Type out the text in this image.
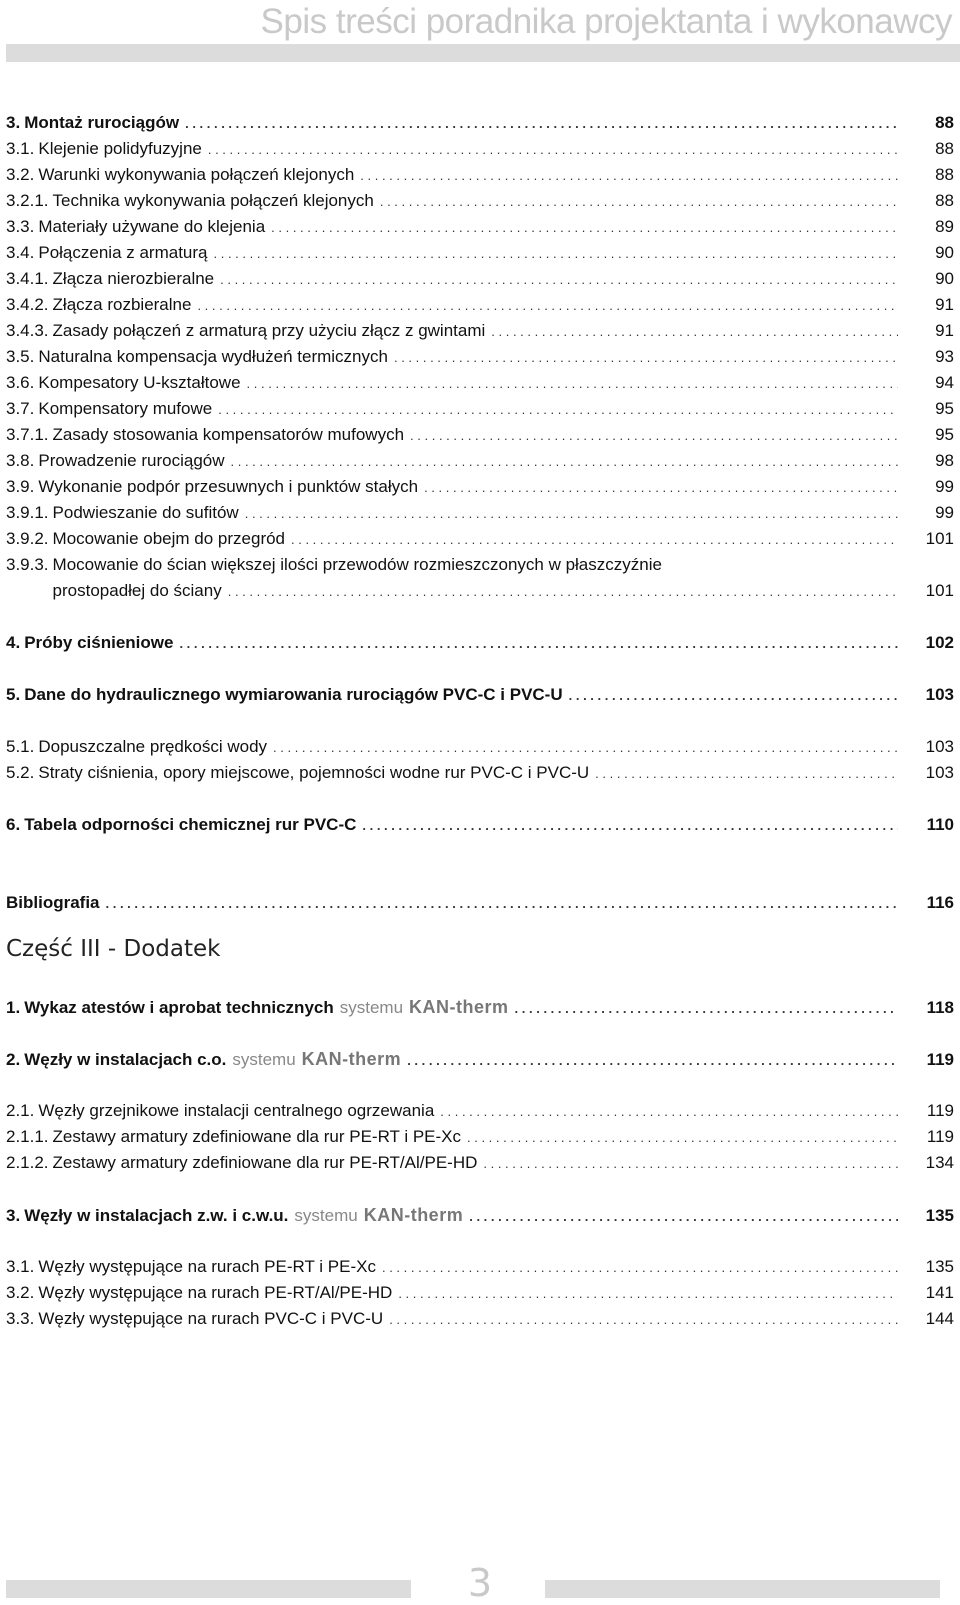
Spis treści poradnika projektanta i wykonawcy
3. Montaż rurociągów . . .	88
3.1. Klejenie polidyfuzyjne . . .	88
3.2. Warunki wykonywania połączeń klejonych . . .	88
3.2.1. Technika wykonywania połączeń klejonych . . .	88
3.3. Materiały używane do klejenia . . .	89
3.4. Połączenia z armaturą . . .	90
3.4.1. Złącza nierozbieralne . . .	90
3.4.2. Złącza rozbieralne . . .	91
3.4.3. Zasady połączeń z armaturą przy użyciu złącz z gwintami . . .	91
3.5. Naturalna kompensacja wydłużeń termicznych . . .	93
3.6. Kompesatory U-kształtowe . . .	94
3.7. Kompensatory mufowe . . .	95
3.7.1. Zasady stosowania kompensatorów mufowych . . .	95
3.8. Prowadzenie rurociągów . . .	98
3.9. Wykonanie podpór przesuwnych i punktów stałych . . .	99
3.9.1. Podwieszanie do sufitów . . .	99
3.9.2. Mocowanie obejm do przegród . . .	101
3.9.3. Mocowanie do ścian większej ilości przewodów rozmieszczonych w płaszczyźnie
prostopadłej do ściany . . .	101
4. Próby ciśnieniowe . . .	102
5. Dane do hydraulicznego wymiarowania rurociągów PVC-C i PVC-U . . .	103
5.1. Dopuszczalne prędkości wody . . .	103
5.2. Straty ciśnienia, opory miejscowe, pojemności wodne rur PVC-C i PVC-U . . .	103
6. Tabela odporności chemicznej rur PVC-C . . .	110
Bibliografia . . .	116
1. Wykaz atestów i aprobat technicznych systemu KAN-therm . . .	118
2. Węzły w instalacjach c.o. systemu KAN-therm . . .	119
2.1. Węzły grzejnikowe instalacji centralnego ogrzewania . . .	119
2.1.1. Zestawy armatury zdefiniowane dla rur PE-RT i PE-Xc . . .	119
2.1.2. Zestawy armatury zdefiniowane dla rur PE-RT/Al/PE-HD . . .	134
3. Węzły w instalacjach z.w. i c.w.u. systemu KAN-therm . . .	135
3.1. Węzły występujące na rurach PE-RT i PE-Xc . . .	135
3.2. Węzły występujące na rurach PE-RT/Al/PE-HD . . .	141
3.3. Węzły występujące na rurach PVC-C i PVC-U . . .	144
Część III - Dodatek
3
